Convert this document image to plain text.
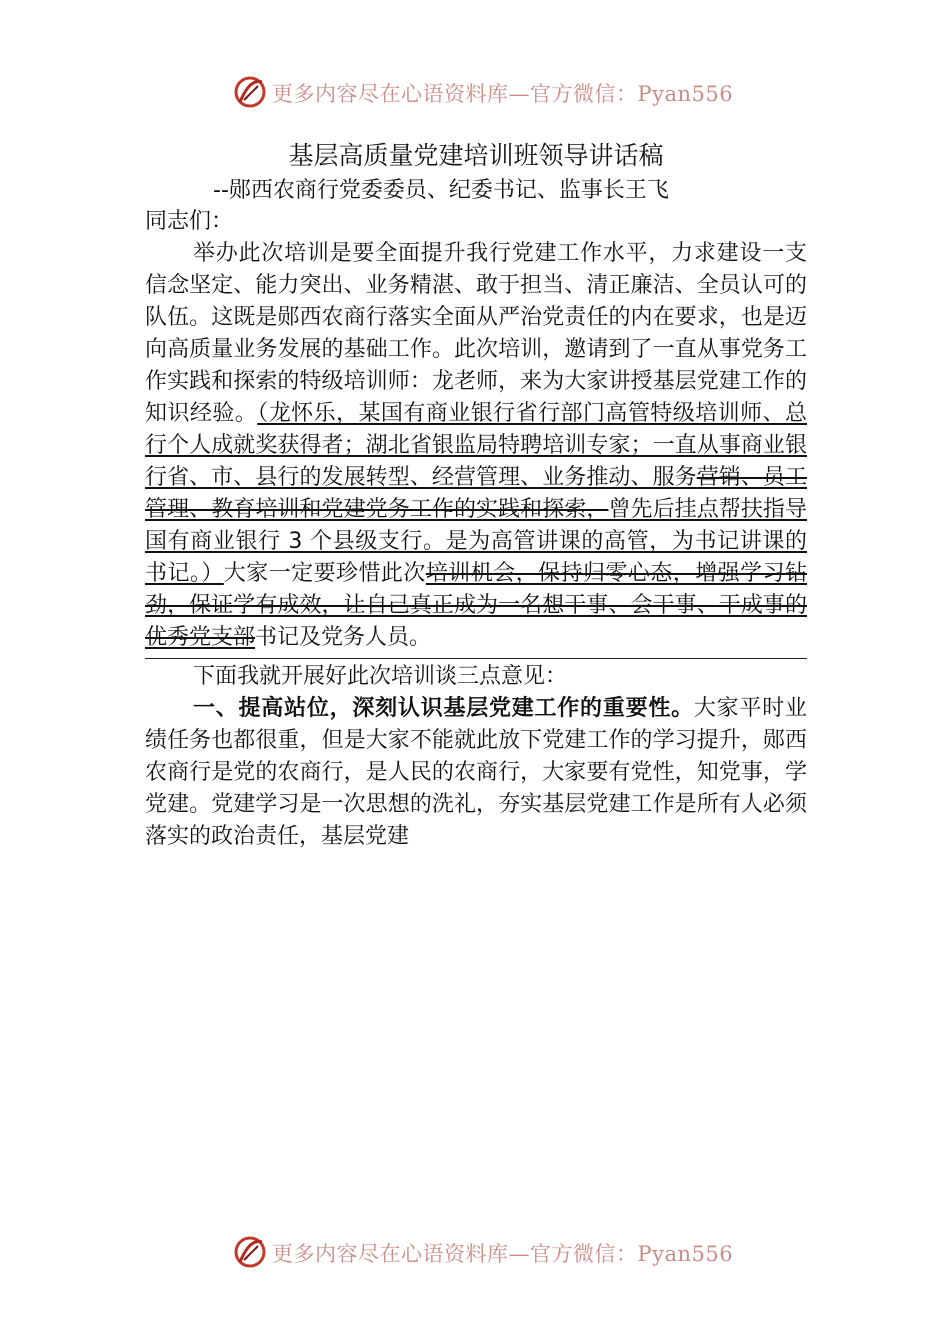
更多内容尽在心语资料库—官方微信：Pyan556
基层高质量党建培训班领导讲话稿
--郧西农商行党委委员、纪委书记、监事长王飞

同志们：

举办此次培训是要全面提升我行党建工作水平，力求建设一支信念坚定、能力突出、业务精湛、敢于担当、清正廉洁、全员认可的队伍。这既是郧西农商行落实全面从严治党责任的内在要求，也是迈向高质量业务发展的基础工作。此次培训，邀请到了一直从事党务工作实践和探索的特级培训师：龙老师，来为大家讲授基层党建工作的知识经验。（龙怀乐，某国有商业银行省行部门高管特级培训师、总行个人成就奖获得者；湖北省银监局特聘培训专家；一直从事商业银行省、市、县行的发展转型、经营管理、业务推动、服务营销、员工管理、教育培训和党建党务工作的实践和探索，曾先后挂点帮扶指导国有商业银行 3 个县级支行。是为高管讲课的高管，为书记讲课的书记。）大家一定要珍惜此次培训机会，保持归零心态，增强学习钻劲，保证学有成效，让自己真正成为一名想干事、会干事、干成事的优秀党支部书记及党务人员。

下面我就开展好此次培训谈三点意见：

一、提高站位，深刻认识基层党建工作的重要性。大家平时业绩任务也都很重，但是大家不能就此放下党建工作的学习提升，郧西农商行是党的农商行，是人民的农商行，大家要有党性，知党事，学党建。党建学习是一次思想的洗礼，夯实基层党建工作是所有人必须落实的政治责任，基层党建

更多内容尽在心语资料库—官方微信：Pyan556
